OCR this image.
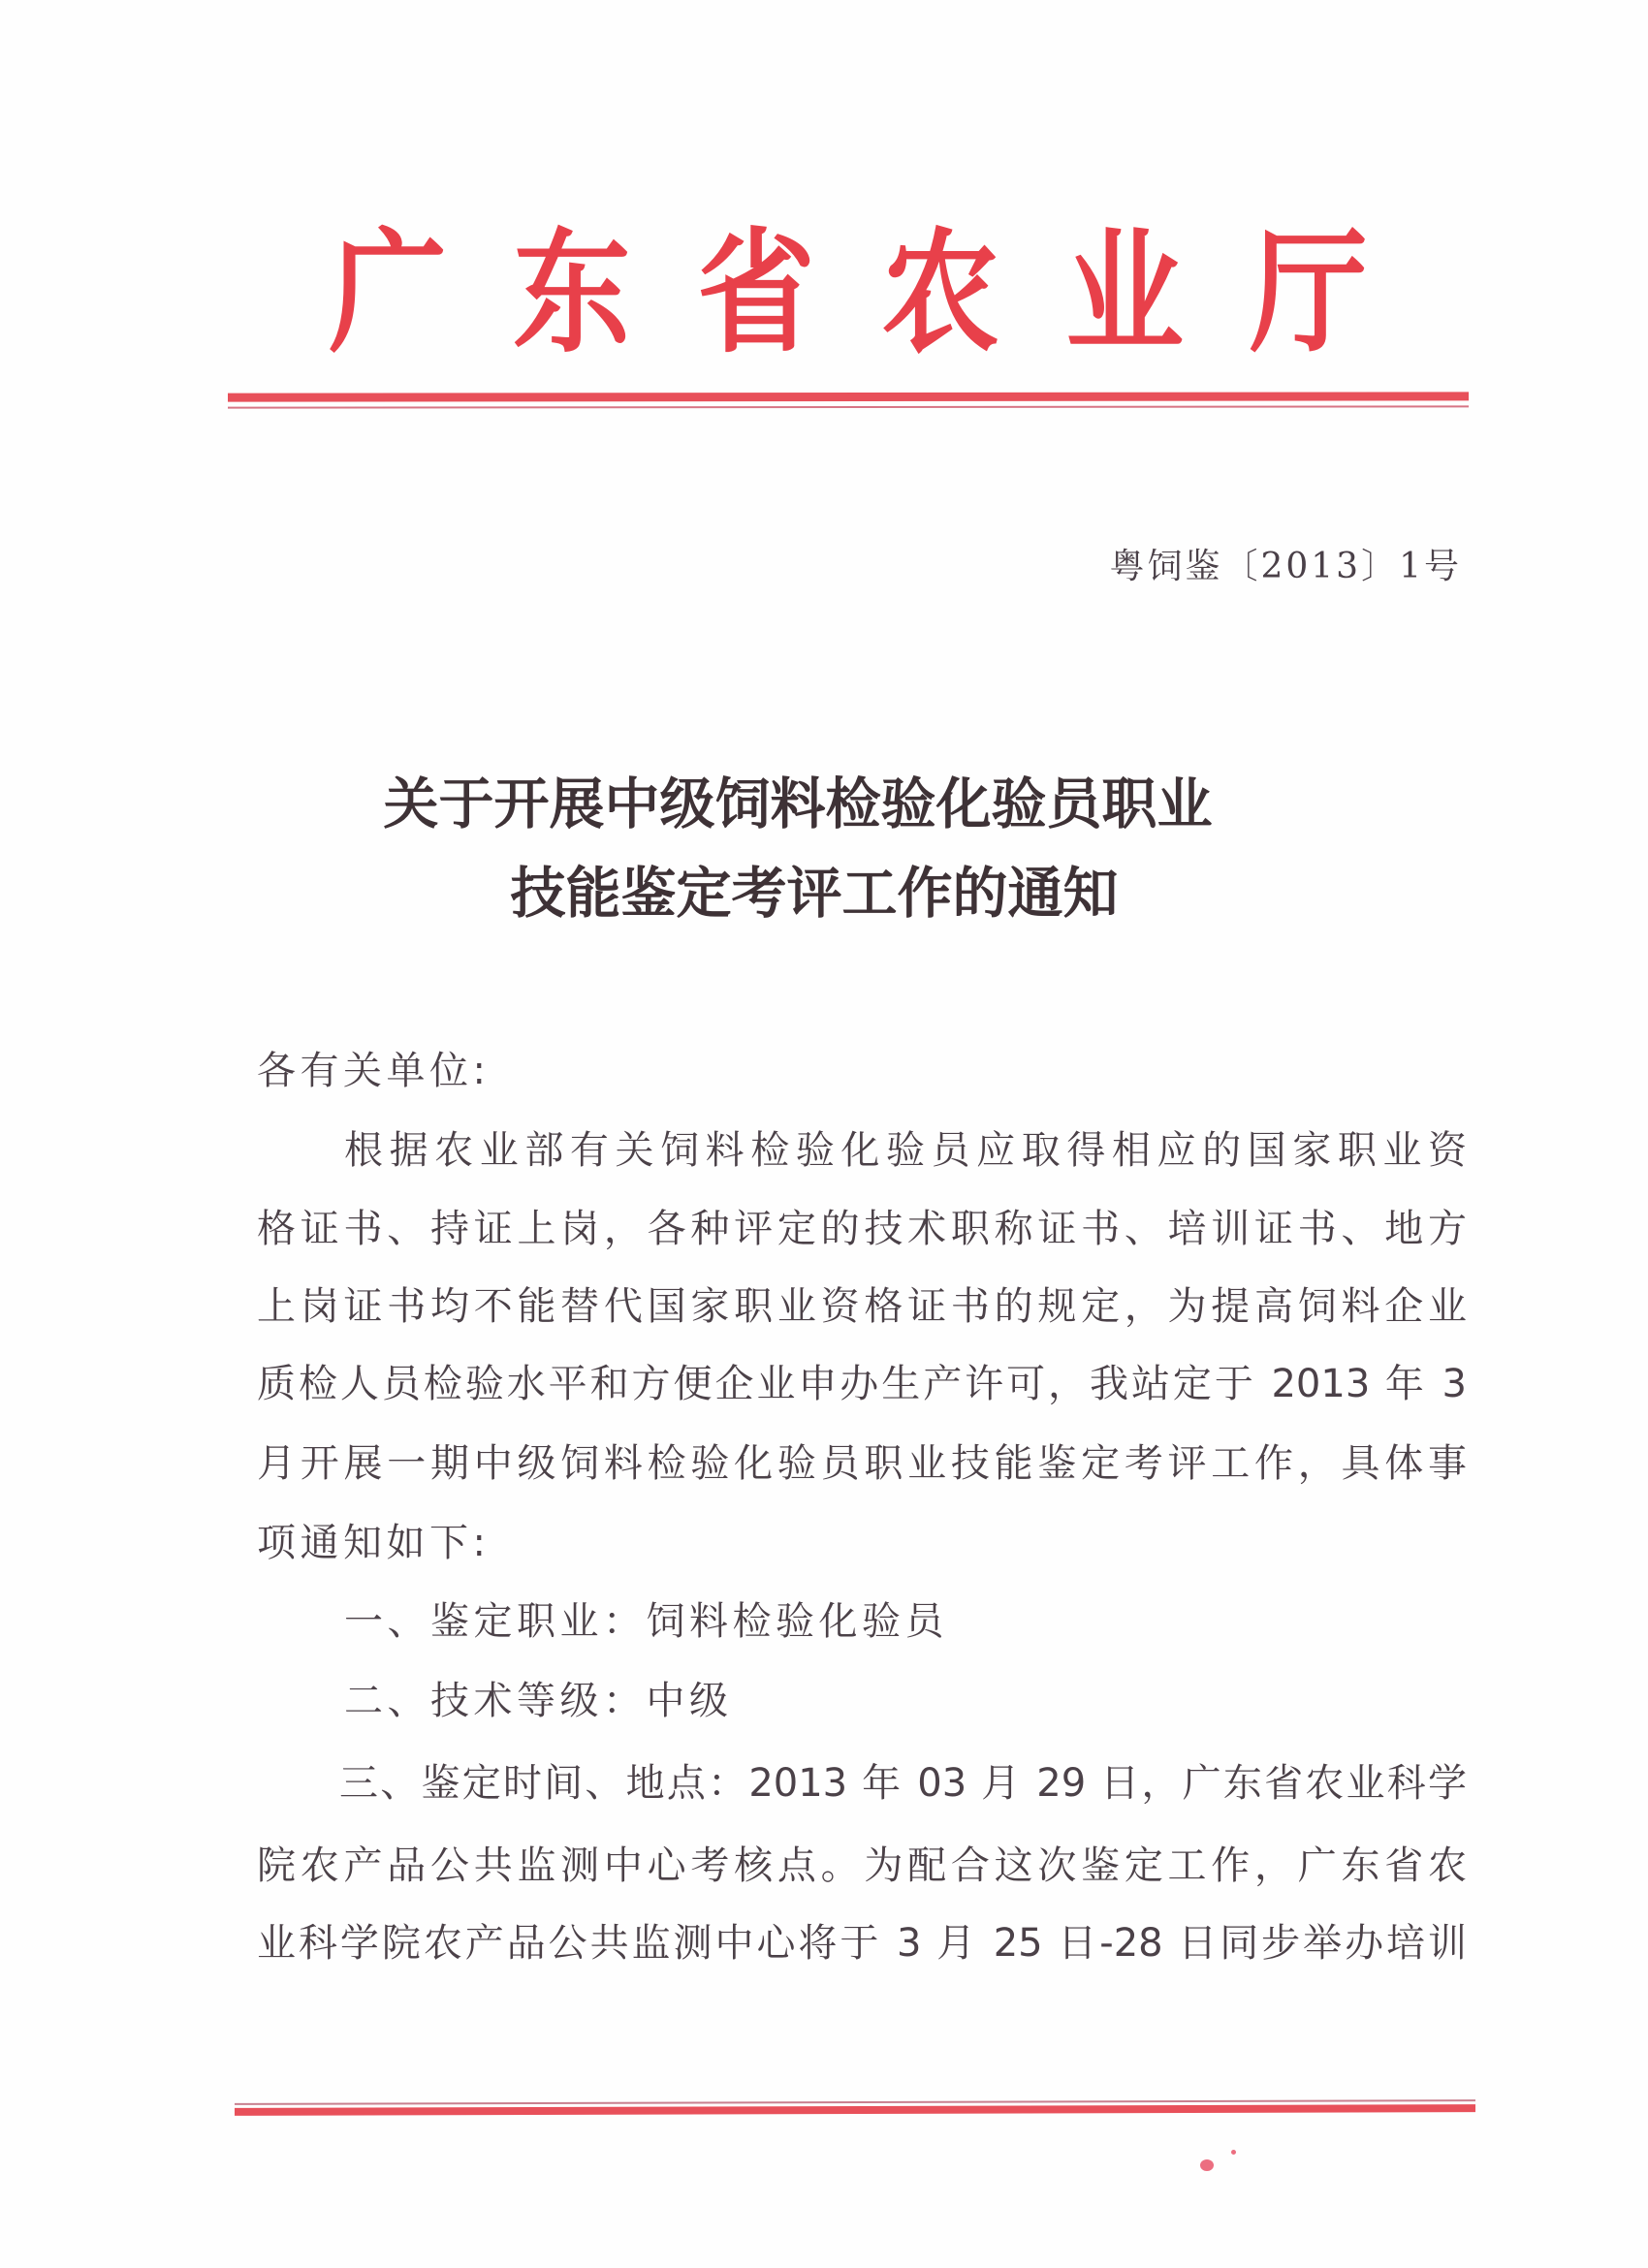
广 东 省 农 业 厅
粤饲鉴〔2013〕1号
关于开展中级饲料检验化验员职业
技能鉴定考评工作的通知
各有关单位:
根据农业部有关饲料检验化验员应取得相应的国家职业资
格证书、持证上岗，各种评定的技术职称证书、培训证书、地方
上岗证书均不能替代国家职业资格证书的规定，为提高饲料企业
质检人员检验水平和方便企业申办生产许可，我站定于 2013 年 3
月开展一期中级饲料检验化验员职业技能鉴定考评工作，具体事
项通知如下:
一、鉴定职业：饲料检验化验员
二、技术等级：中级
三、鉴定时间、地点：2013 年 03 月 29 日，广东省农业科学
院农产品公共监测中心考核点。为配合这次鉴定工作，广东省农
业科学院农产品公共监测中心将于 3 月 25 日-28 日同步举办培训
